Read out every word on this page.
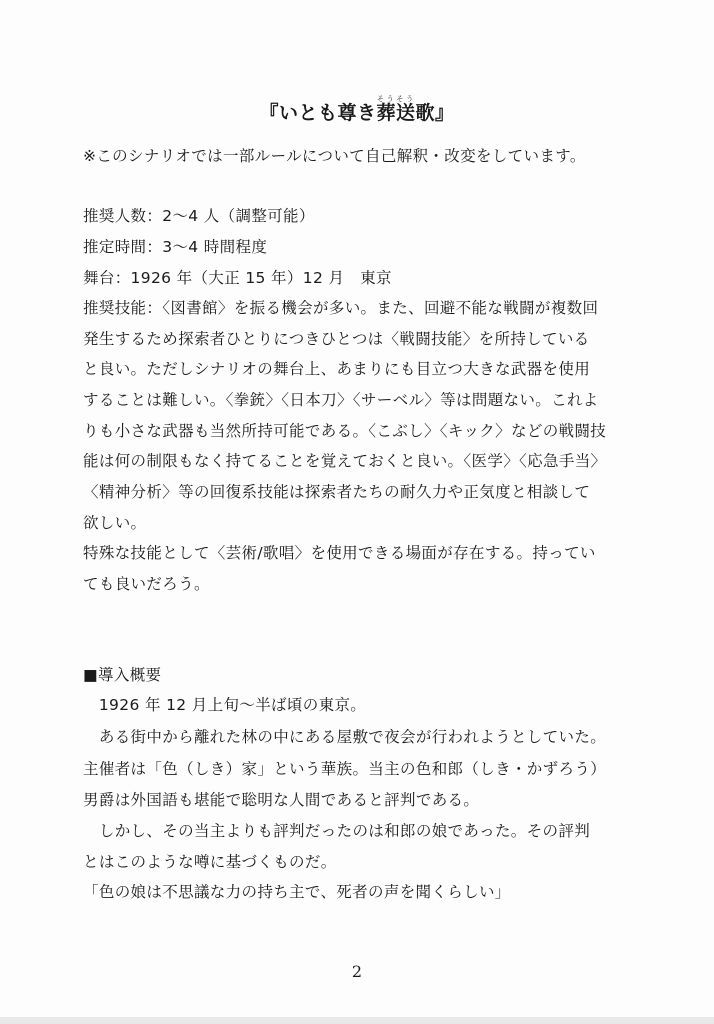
『いとも尊き葬送そうそう歌』
※このシナリオでは一部ルールについて自己解釈・改変をしています。
推奨人数：2～4 人（調整可能）
推定時間：3～4 時間程度
舞台：1926 年（大正 15 年）12 月　東京
推奨技能：〈図書館〉を振る機会が多い。また、回避不能な戦闘が複数回
発生するため探索者ひとりにつきひとつは〈戦闘技能〉を所持している
と良い。ただしシナリオの舞台上、あまりにも目立つ大きな武器を使用
することは難しい。〈拳銃〉〈日本刀〉〈サーベル〉等は問題ない。これよ
りも小さな武器も当然所持可能である。〈こぶし〉〈キック〉などの戦闘技
能は何の制限もなく持てることを覚えておくと良い。〈医学〉〈応急手当〉
〈精神分析〉等の回復系技能は探索者たちの耐久力や正気度と相談して
欲しい。
特殊な技能として〈芸術/歌唱〉を使用できる場面が存在する。持ってい
ても良いだろう。
■導入概要
　1926 年 12 月上旬～半ば頃の東京。
　ある街中から離れた林の中にある屋敷で夜会が行われようとしていた。
主催者は「色（しき）家」という華族。当主の色和郎（しき・かずろう）
男爵は外国語も堪能で聡明な人間であると評判である。
　しかし、その当主よりも評判だったのは和郎の娘であった。その評判
とはこのような噂に基づくものだ。
「色の娘は不思議な力の持ち主で、死者の声を聞くらしい」
2
